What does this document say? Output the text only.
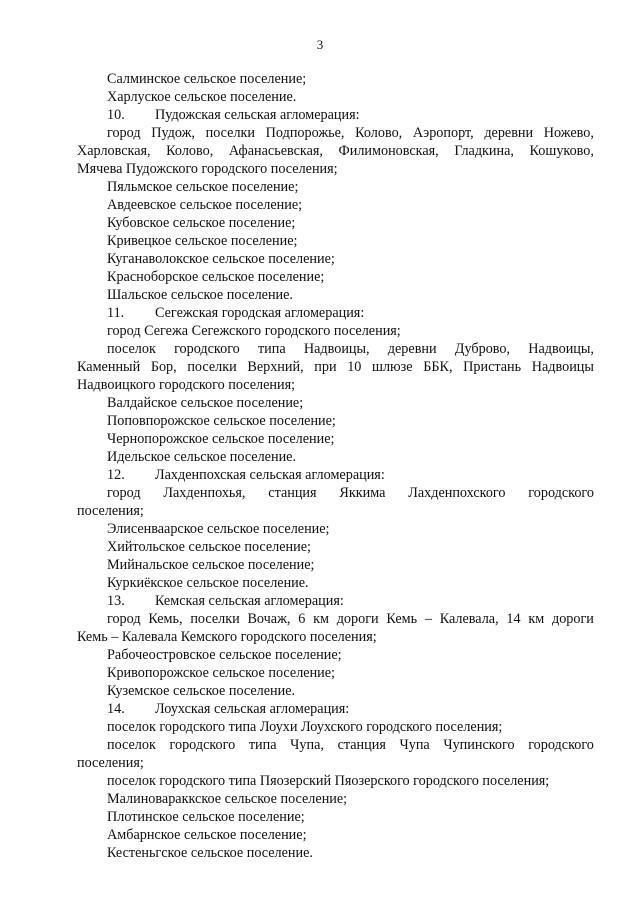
3
Салминское сельское поселение;
Харлуское сельское поселение.
10.	Пудожская сельская агломерация:
город Пудож, поселки Подпорожье, Колово, Аэропорт, деревни Ножево,
Харловская, Колово, Афанасьевская, Филимоновская, Гладкина, Кошуково,
Мячева Пудожского городского поселения;
Пяльмское сельское поселение;
Авдеевское сельское поселение;
Кубовское сельское поселение;
Кривецкое сельское поселение;
Куганаволокское сельское поселение;
Красноборское сельское поселение;
Шальское сельское поселение.
11.	Сегежская городская агломерация:
город Сегежа Сегежского городского поселения;
поселок городского типа Надвоицы, деревни Дуброво, Надвоицы,
Каменный Бор, поселки Верхний, при 10 шлюзе ББК, Пристань Надвоицы
Надвоицкого городского поселения;
Валдайское сельское поселение;
Поповпорожское сельское поселение;
Чернопорожское сельское поселение;
Идельское сельское поселение.
12.	Лахденпохская сельская агломерация:
город Лахденпохья, станция Яккима Лахденпохского городского
поселения;
Элисенваарское сельское поселение;
Хийтольское сельское поселение;
Мийнальское сельское поселение;
Куркиёкское сельское поселение.
13.	Кемская сельская агломерация:
город Кемь, поселки Вочаж, 6 км дороги Кемь – Калевала, 14 км дороги
Кемь – Калевала Кемского городского поселения;
Рабочеостровское сельское поселение;
Кривопорожское сельское поселение;
Куземское сельское поселение.
14.	Лоухская сельская агломерация:
поселок городского типа Лоухи Лоухского городского поселения;
поселок городского типа Чупа, станция Чупа Чупинского городского
поселения;
поселок городского типа Пяозерский Пяозерского городского поселения;
Малиновараккское сельское поселение;
Плотинское сельское поселение;
Амбарнское сельское поселение;
Кестеньгское сельское поселение.
